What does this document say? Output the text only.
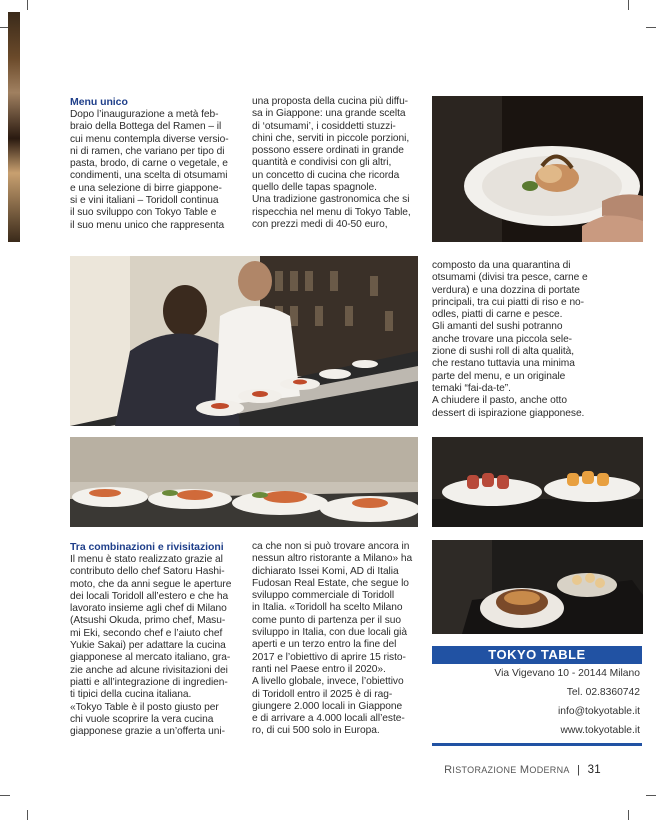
Menu unico

Dopo l’inaugurazione a metà feb-

braio della Bottega del Ramen – il

cui menu contempla diverse versio-

ni di ramen, che variano per tipo di

pasta, brodo, di carne o vegetale, e

condimenti, una scelta di otsumami

e una selezione di birre giappone-

si e vini italiani – Toridoll continua

il suo sviluppo con Tokyo Table e

il suo menu unico che rappresenta

una proposta della cucina più diffu-

sa in Giappone: una grande scelta

di ‘otsumami’, i cosiddetti stuzzi-

chini che, serviti in piccole porzioni,

possono essere ordinati in grande

quantità e condivisi con gli altri,

un concetto di cucina che ricorda

quello delle tapas spagnole.

Una tradizione gastronomica che si

rispecchia nel menu di Tokyo Table,

con prezzi medi di 40-50 euro,

composto da una quarantina di

otsumami (divisi tra pesce, carne e

verdura) e una dozzina di portate

principali, tra cui piatti di riso e no-

odles, piatti di carne e pesce.

Gli amanti del sushi potranno

anche trovare una piccola sele-

zione di sushi roll di alta qualità,

che restano tuttavia una minima

parte del menu, e un originale

temaki “fai-da-te”.

A chiudere il pasto, anche otto

dessert di ispirazione giapponese.

Tra combinazioni e rivisitazioni

Il menu è stato realizzato grazie al

contributo dello chef Satoru Hashi-

moto, che da anni segue le aperture

dei locali Toridoll all’estero e che ha

lavorato insieme agli chef di Milano

(Atsushi Okuda, primo chef, Masu-

mi Eki, secondo chef e l’aiuto chef

Yukie Sakai) per adattare la cucina

giapponese al mercato italiano, gra-

zie anche ad alcune rivisitazioni dei

piatti e all’integrazione di ingredien-

ti tipici della cucina italiana.

«Tokyo Table è il posto giusto per

chi vuole scoprire la vera cucina

giapponese grazie a un’offerta uni-

ca che non si può trovare ancora in

nessun altro ristorante a Milano» ha

dichiarato Issei Komi, AD di Italia

Fudosan Real Estate, che segue lo

sviluppo commerciale di Toridoll

in Italia. «Toridoll ha scelto Milano

come punto di partenza per il suo

sviluppo in Italia, con due locali già

aperti e un terzo entro la fine del

2017 e l’obiettivo di aprire 15 risto-

ranti nel Paese entro il 2020».

A livello globale, invece, l’obiettivo

di Toridoll entro il 2025 è di rag-

giungere 2.000 locali in Giappone

e di arrivare a 4.000 locali all’este-

ro, di cui 500 solo in Europa.

TOKYO TABLE
Via Vigevano 10 - 20144 Milano
Tel. 02.8360742
info@tokyotable.it
www.tokyotable.it
RISTORAZIONE MODERNA | 31
